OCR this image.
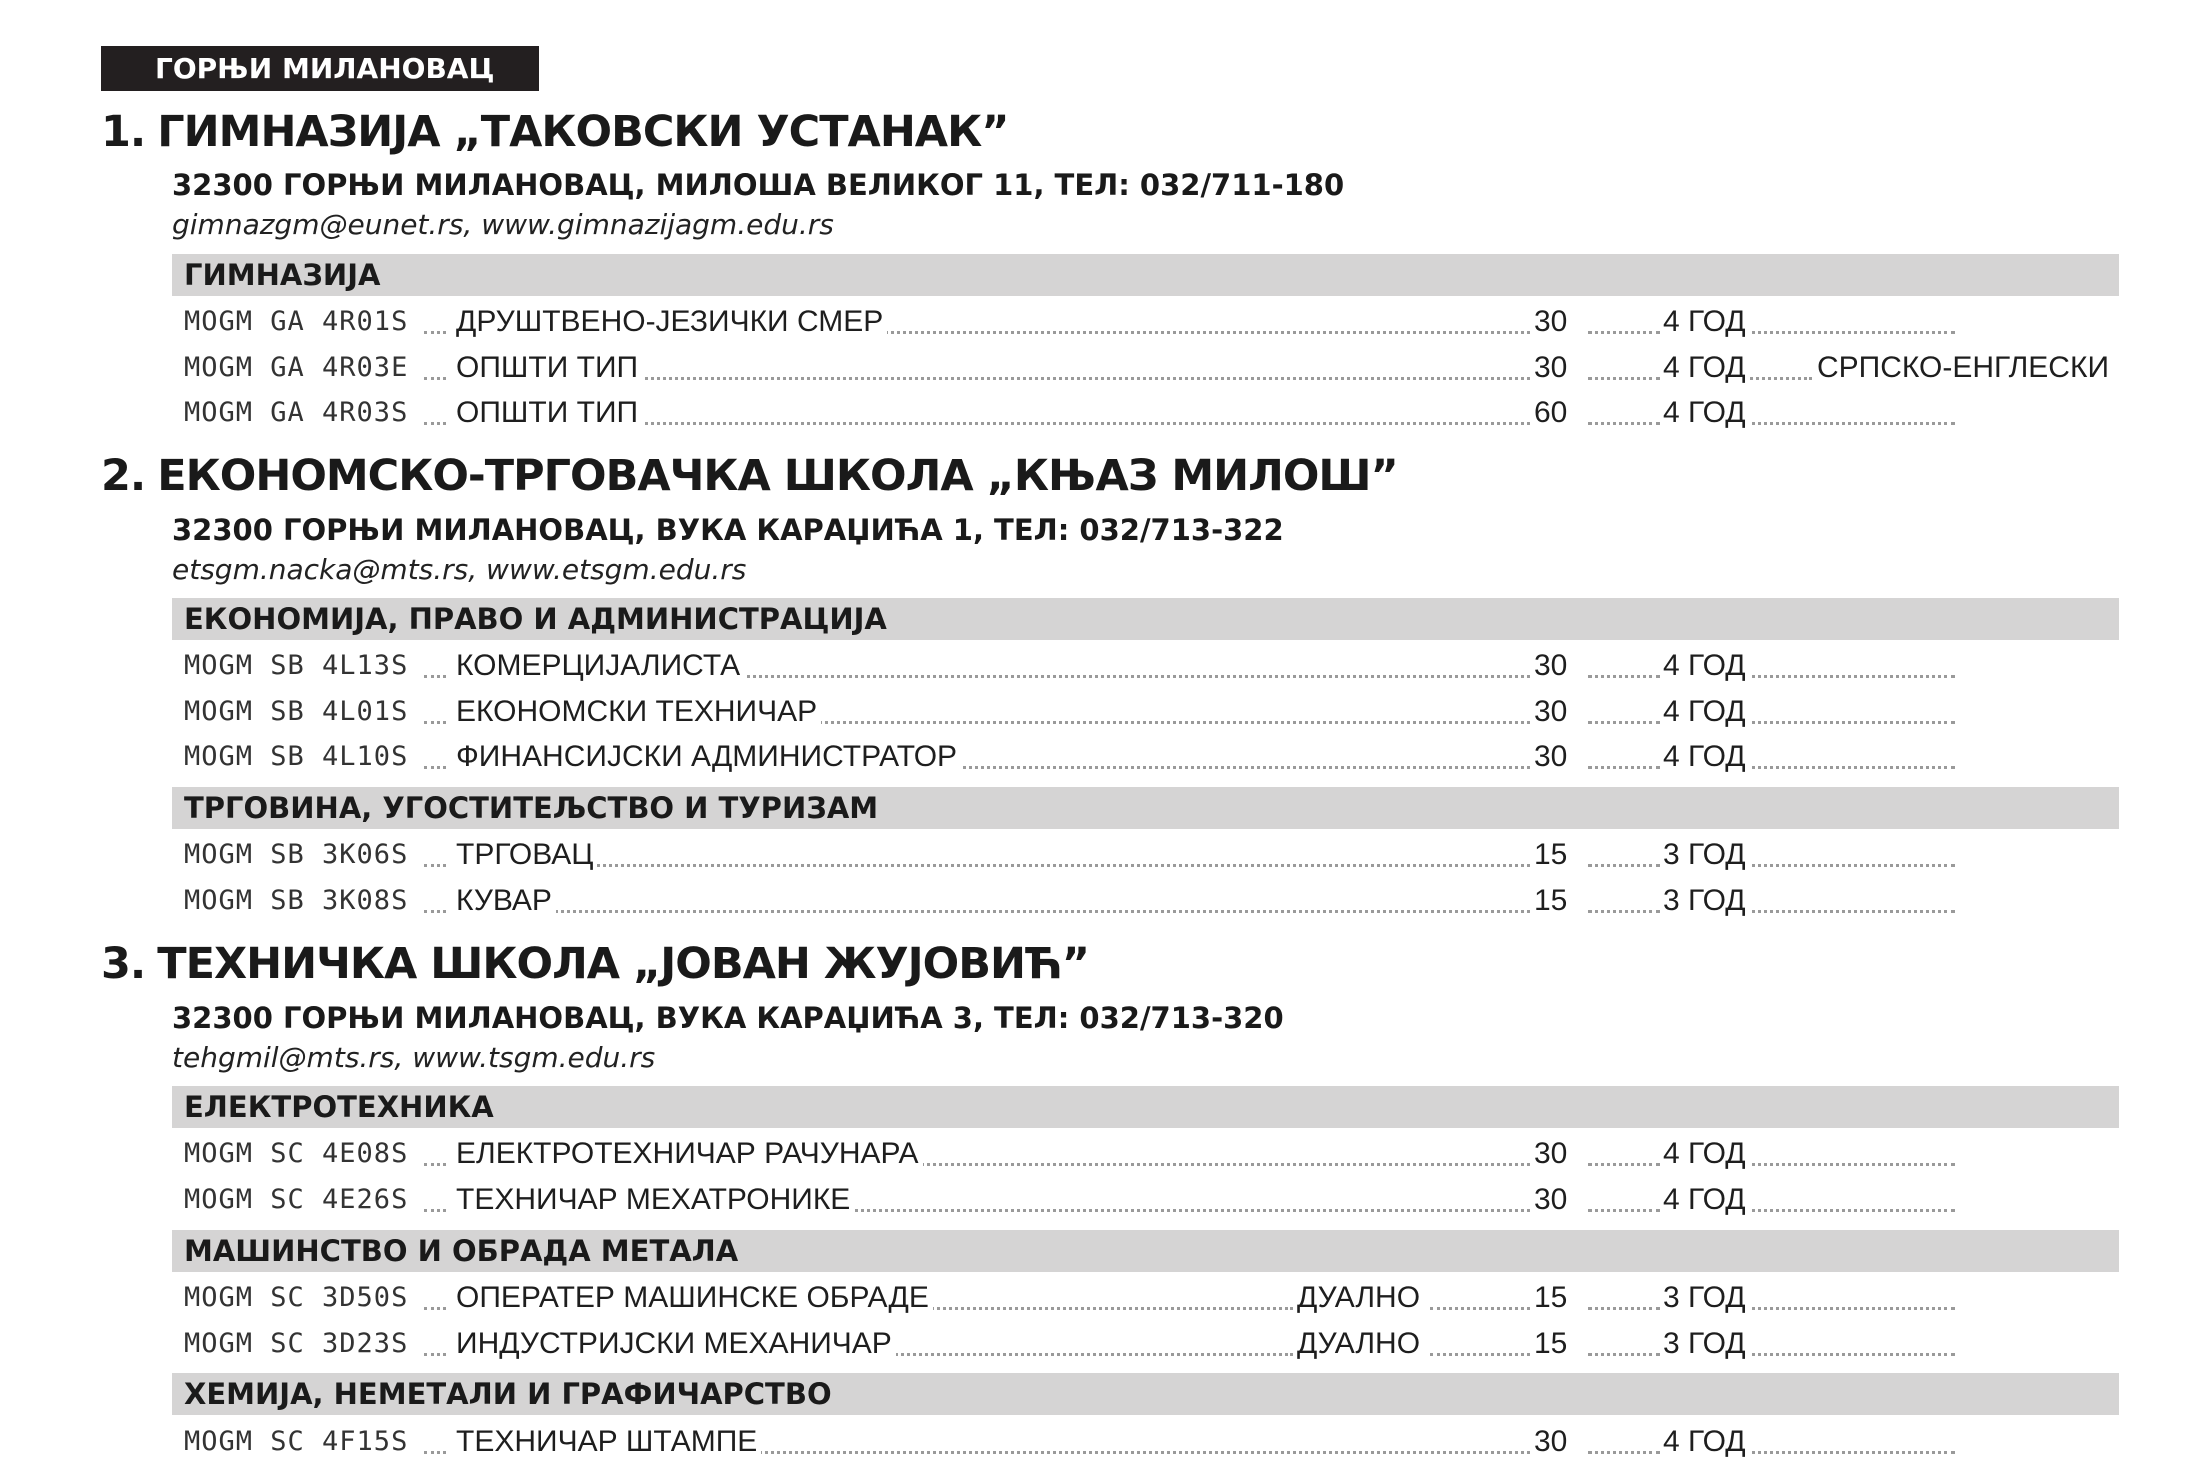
ГОРЊИ МИЛАНОВАЦ
1. ГИМНАЗИЈА „ТАКОВСКИ УСТАНАК”
32300 ГОРЊИ МИЛАНОВАЦ, МИЛОША ВЕЛИКОГ 11, ТЕЛ: 032/711-180
gimnazgm@eunet.rs, www.gimnazijagm.edu.rs
ГИМНАЗИЈА
MOGM GA 4R01S ДРУШТВЕНО-ЈЕЗИЧКИ СМЕР	30	4 ГОД
MOGM GA 4R03E ОПШТИ ТИП	30	4 ГОД СРПСКО-ЕНГЛЕСКИ
MOGM GA 4R03S ОПШТИ ТИП	60	4 ГОД
2. ЕКОНОМСКО-ТРГОВАЧКА ШКОЛА „КЊАЗ МИЛОШ”
32300 ГОРЊИ МИЛАНОВАЦ, ВУКА КАРАЏИЋА 1, ТЕЛ: 032/713-322
etsgm.nacka@mts.rs, www.etsgm.edu.rs
ЕКОНОМИЈА, ПРАВО И АДМИНИСТРАЦИЈА
MOGM SB 4L13S КОМЕРЦИЈАЛИСТА	30	4 ГОД
MOGM SB 4L01S ЕКОНОМСКИ ТЕХНИЧАР	30	4 ГОД
MOGM SB 4L10S ФИНАНСИЈСКИ АДМИНИСТРАТОР	30	4 ГОД
ТРГОВИНА, УГОСТИТЕЉСТВО И ТУРИЗАМ
MOGM SB 3K06S ТРГОВАЦ	15	3 ГОД
MOGM SB 3K08S КУВАР	15	3 ГОД
3. ТЕХНИЧКА ШКОЛА „ЈОВАН ЖУЈОВИЋ”
32300 ГОРЊИ МИЛАНОВАЦ, ВУКА КАРАЏИЋА 3, ТЕЛ: 032/713-320
tehgmil@mts.rs, www.tsgm.edu.rs
ЕЛЕКТРОТЕХНИКА
MOGM SC 4E08S ЕЛЕКТРОТЕХНИЧАР РАЧУНАРА	30	4 ГОД
MOGM SC 4E26S ТЕХНИЧАР МЕХАТРОНИКЕ	30	4 ГОД
МАШИНСТВО И ОБРАДА МЕТАЛА
MOGM SC 3D50S ОПЕРАТЕР МАШИНСКЕ ОБРАДЕ	ДУАЛНО	15	3 ГОД
MOGM SC 3D23S ИНДУСТРИЈСКИ МЕХАНИЧАР	ДУАЛНО	15	3 ГОД
ХЕМИЈА, НЕМЕТАЛИ И ГРАФИЧАРСТВО
MOGM SC 4F15S ТЕХНИЧАР ШТАМПЕ	30	4 ГОД
